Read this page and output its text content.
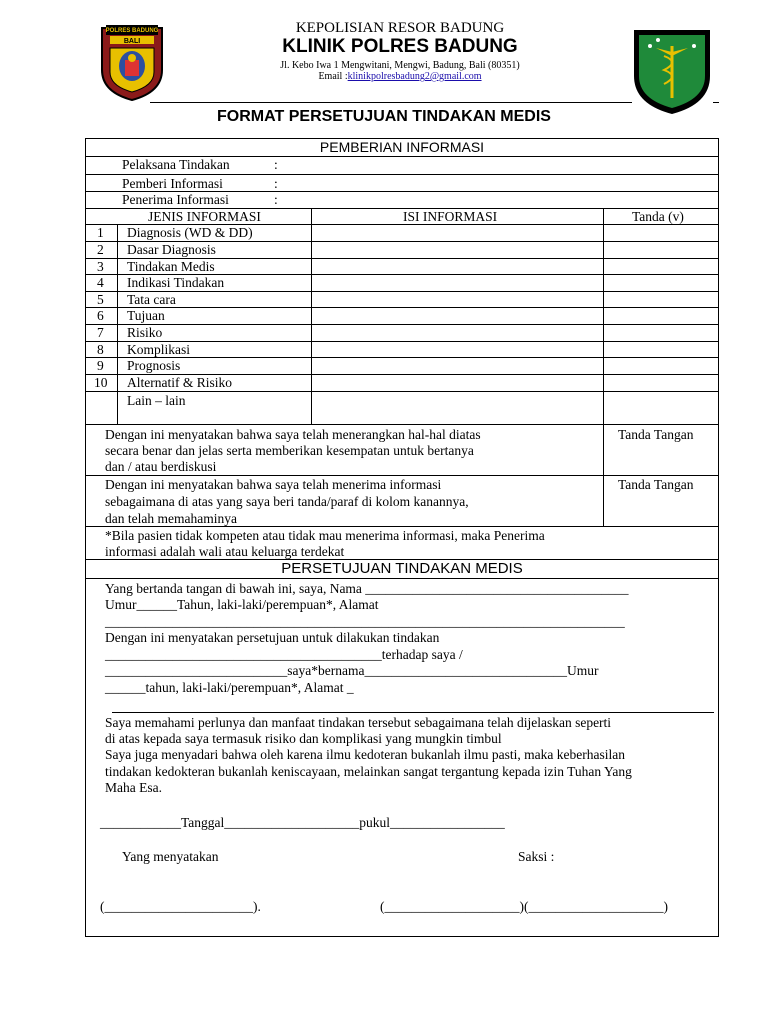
POLRES BADUNG
BALI
KEPOLISIAN RESOR BADUNG
KLINIK POLRES BADUNG
Jl. Kebo Iwa 1 Mengwitani, Mengwi, Badung, Bali (80351)
Email :klinikpolresbadung2@gmail.com
FORMAT PERSETUJUAN TINDAKAN MEDIS
PEMBERIAN INFORMASI
Pelaksana Tindakan	:
Pemberi Informasi	:
Penerima Informasi	:
JENIS INFORMASI	ISI INFORMASI	Tanda (v)
1 Diagnosis (WD & DD)
2 Dasar Diagnosis
3 Tindakan Medis
4 Indikasi Tindakan
5 Tata cara
6 Tujuan
7 Risiko
8 Komplikasi
9 Prognosis
10 Alternatif & Risiko
Lain – lain
Dengan ini menyatakan bahwa saya telah menerangkan hal-hal diatas
secara benar dan jelas serta memberikan kesempatan untuk bertanya
dan / atau berdiskusi
Tanda Tangan
Dengan ini menyatakan bahwa saya telah menerima informasi
sebagaimana di atas yang saya beri tanda/paraf di kolom kanannya,
dan telah memahaminya
Tanda Tangan
*Bila pasien tidak kompeten atau tidak mau menerima informasi, maka Penerima
informasi adalah wali atau keluarga terdekat
PERSETUJUAN TINDAKAN MEDIS
Yang bertanda tangan di bawah ini, saya, Nama _______________________________________
Umur______Tahun, laki-laki/perempuan*, Alamat
_____________________________________________________________________________
Dengan ini menyatakan persetujuan untuk dilakukan tindakan
_________________________________________terhadap saya /
___________________________saya*bernama______________________________Umur
______tahun, laki-laki/perempuan*, Alamat _
Saya memahami perlunya dan manfaat tindakan tersebut sebagaimana telah dijelaskan seperti
di atas kepada saya termasuk risiko dan komplikasi yang mungkin timbul
Saya juga menyadari bahwa oleh karena ilmu kedoteran bukanlah ilmu pasti, maka keberhasilan
tindakan kedokteran bukanlah keniscayaan, melainkan sangat tergantung kepada izin Tuhan Yang
Maha Esa.
____________Tanggal____________________pukul_________________
Yang menyatakan	Saksi :
(______________________).	(____________________)(____________________)
